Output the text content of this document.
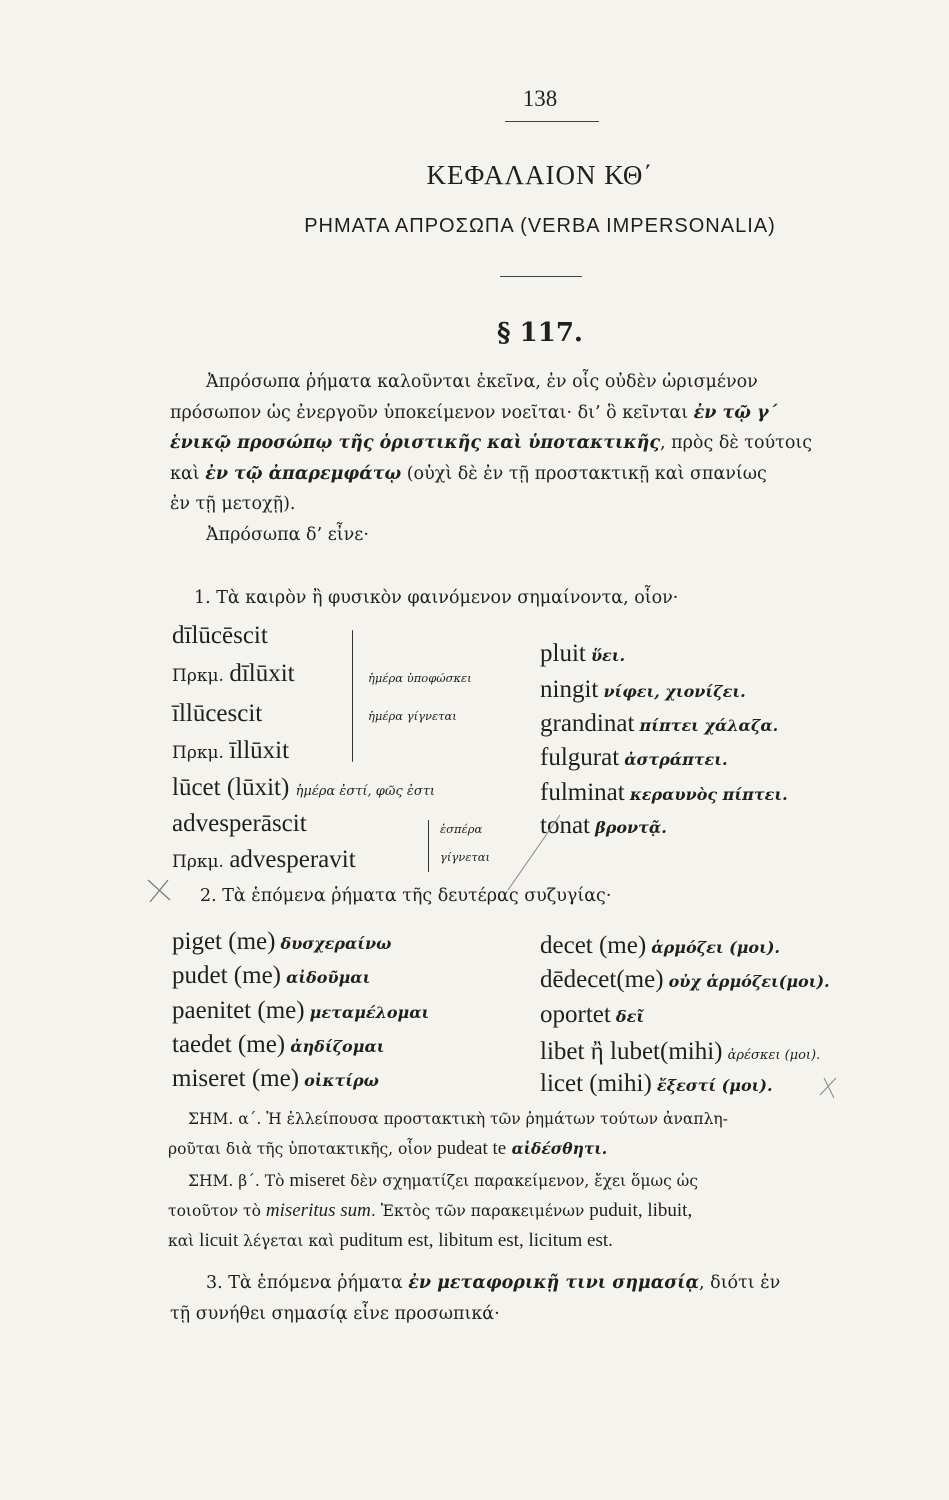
138
ΚΕΦΑΛΑΙΟΝ ΚΘ΄
ΡΗΜΑΤΑ ΑΠΡΟΣΩΠΑ (VERBA IMPERSONALIA)
§ 117.

Ἀπρόσωπα ῥήματα καλοῦνται ἐκεῖνα, ἐν οἷς οὐδὲν ὡρισμένον

πρόσωπον ὡς ἐνεργοῦν ὑποκείμενον νοεῖται· δι’ ὃ κεῖνται ἐν τῷ γ΄

ἑνικῷ προσώπῳ τῆς ὁριστικῆς καὶ ὑποτακτικῆς, πρὸς δὲ τούτοις

καὶ ἐν τῷ ἀπαρεμφάτῳ (οὐχὶ δὲ ἐν τῇ προστακτικῇ καὶ σπανίως

ἐν τῇ μετοχῇ).

Ἀπρόσωπα δ’ εἶνε·

1. Τὰ καιρὸν ἢ φυσικὸν φαινόμενον σημαίνοντα, οἷον·
dīlūcēscit
Πρκμ. dīlūxit
īllūcescit
Πρκμ. īllūxit
ἡμέρα ὑποφώσκει
ἡμέρα γίγνεται
lūcet (lūxit) ἡμέρα ἐστί, φῶς ἐστι
advesperāscit
Πρκμ. advesperavit
ἑσπέρα
γίγνεται
pluit ὕει.
ningit νίφει, χιονίζει.
grandinat πίπτει χάλαζα.
fulgurat ἀστράπτει.
fulminat κεραυνὸς πίπτει.
tonat βροντᾷ.
2. Τὰ ἑπόμενα ῥήματα τῆς δευτέρας συζυγίας·
piget (me) δυσχεραίνω
pudet (me) αἰδοῦμαι
paenitet (me) μεταμέλομαι
taedet (me) ἀηδίζομαι
miseret (me) οἰκτίρω
decet (me) ἁρμόζει (μοι).
dēdecet(me) οὐχ ἁρμόζει(μοι).
oportet δεῖ
libet ἢ lubet(mihi) ἀρέσκει (μοι).
licet (mihi) ἔξεστί (μοι).

ΣΗΜ. α΄. Ἡ ἐλλείπουσα προστακτικὴ τῶν ῥημάτων τούτων ἀναπλη-

ροῦται διὰ τῆς ὑποτακτικῆς, οἷον pudeat te αἰδέσθητι.

ΣΗΜ. β΄. Τὸ miseret δὲν σχηματίζει παρακείμενον, ἔχει ὅμως ὡς

τοιοῦτον τὸ miseritus sum. Ἐκτὸς τῶν παρακειμένων puduit, libuit,

καὶ licuit λέγεται καὶ puditum est, libitum est, licitum est.

3. Τὰ ἑπόμενα ῥήματα ἐν μεταφορικῇ τινι σημασίᾳ, διότι ἐν

τῇ συνήθει σημασίᾳ εἶνε προσωπικά·
